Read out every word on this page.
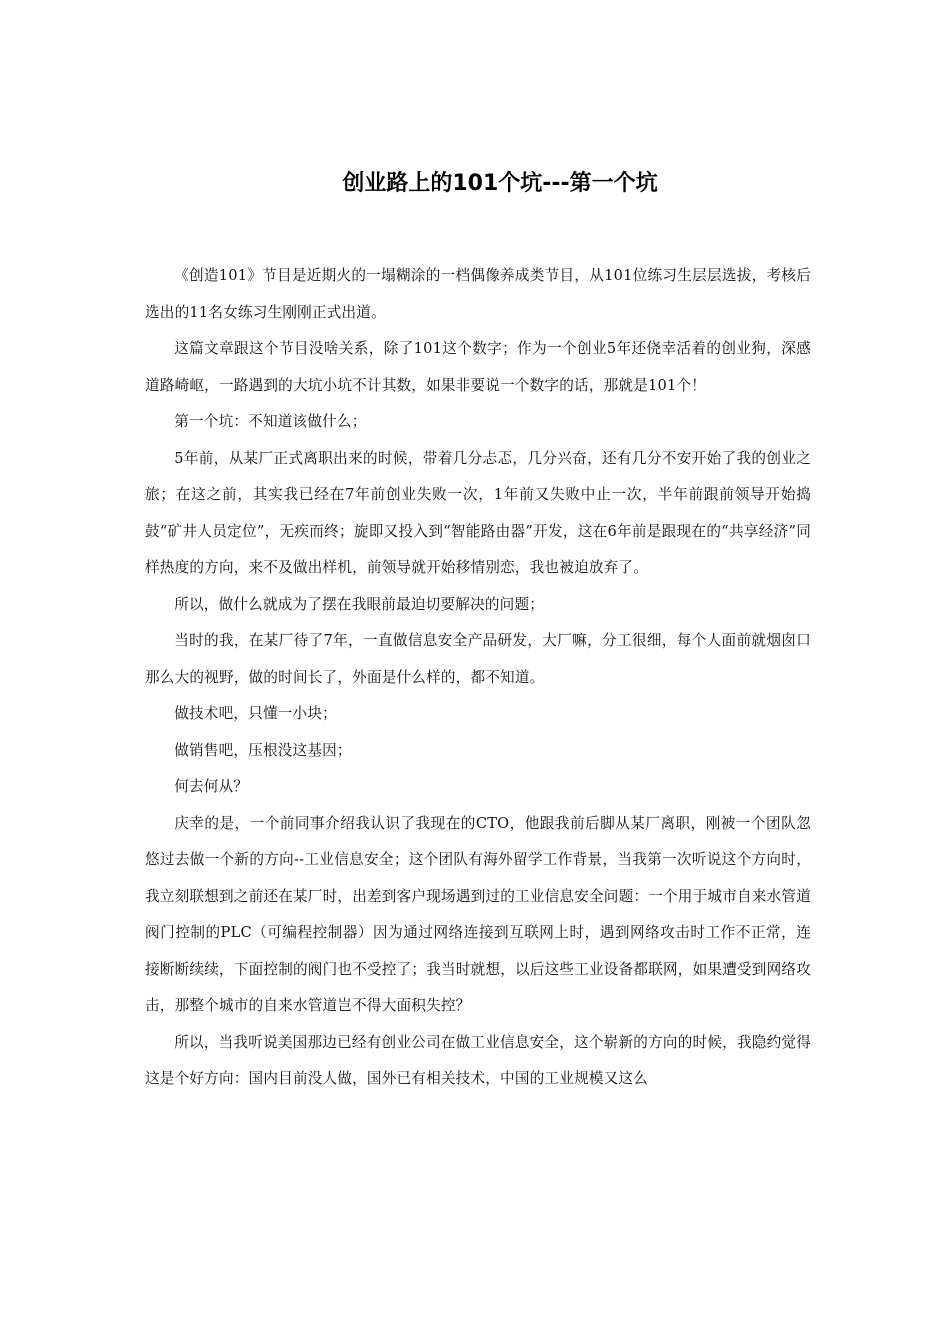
创业路上的101个坑---第一个坑

《创造101》节目是近期火的一塌糊涂的一档偶像养成类节目，从101位练习生层层选拔，考核后选出的11名女练习生刚刚正式出道。

这篇文章跟这个节目没啥关系，除了101这个数字；作为一个创业5年还侥幸活着的创业狗，深感道路崎岖，一路遇到的大坑小坑不计其数，如果非要说一个数字的话，那就是101个！

第一个坑：不知道该做什么；

5年前，从某厂正式离职出来的时候，带着几分忐忑，几分兴奋，还有几分不安开始了我的创业之旅；在这之前，其实我已经在7年前创业失败一次，1年前又失败中止一次，半年前跟前领导开始捣鼓“矿井人员定位”，无疾而终；旋即又投入到“智能路由器”开发，这在6年前是跟现在的“共享经济”同样热度的方向，来不及做出样机，前领导就开始移情别恋，我也被迫放弃了。

所以，做什么就成为了摆在我眼前最迫切要解决的问题；

当时的我，在某厂待了7年，一直做信息安全产品研发，大厂嘛，分工很细，每个人面前就烟囱口那么大的视野，做的时间长了，外面是什么样的，都不知道。

做技术吧，只懂一小块；

做销售吧，压根没这基因；

何去何从？

庆幸的是，一个前同事介绍我认识了我现在的CTO，他跟我前后脚从某厂离职，刚被一个团队忽悠过去做一个新的方向--工业信息安全；这个团队有海外留学工作背景，当我第一次听说这个方向时，我立刻联想到之前还在某厂时，出差到客户现场遇到过的工业信息安全问题：一个用于城市自来水管道阀门控制的PLC（可编程控制器）因为通过网络连接到互联网上时，遇到网络攻击时工作不正常，连接断断续续，下面控制的阀门也不受控了；我当时就想，以后这些工业设备都联网，如果遭受到网络攻击，那整个城市的自来水管道岂不得大面积失控？

所以，当我听说美国那边已经有创业公司在做工业信息安全，这个崭新的方向的时候，我隐约觉得这是个好方向：国内目前没人做，国外已有相关技术，中国的工业规模又这么
